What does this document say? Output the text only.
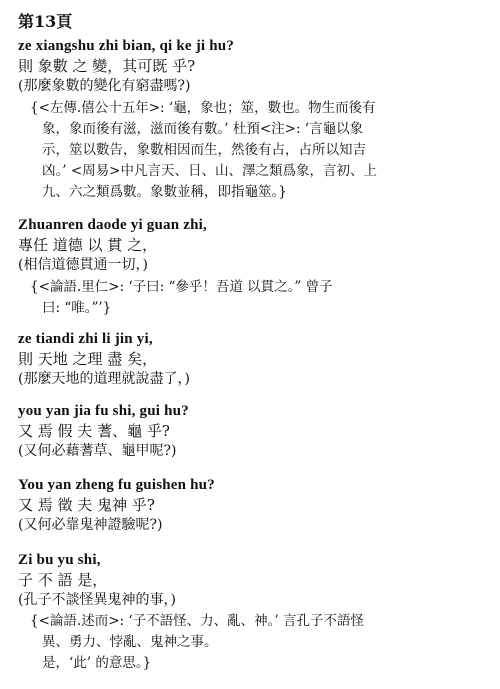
第13頁
ze xiangshu zhi bian, qi ke ji hu?
則 象數 之 變，其可既 乎?
(那麼象數的變化有窮盡嗎?)
{<左傳.僖公十五年>: ‘龜，象也；筮，數也。物生而後有
象，象而後有滋，滋而後有數。’ 杜預<注>: ‘言龜以象
示，筮以數告，象數相因而生，然後有占，占所以知吉
凶。’ <周易>中凡言天、日、山、澤之類爲象，言初、上
九、六之類爲數。象數並稱，即指龜筮。}
Zhuanren daode yi guan zhi,
專任 道德 以 貫 之，
(相信道德貫通一切，)
{<論語.里仁>: ‘子曰: “參乎！吾道 以貫之。” 曾子
曰: “唯。”’}
ze tiandi zhi li jin yi,
則 天地 之理 盡 矣，
(那麼天地的道理就說盡了，)
you yan jia fu shi, gui hu?
又 焉 假 夫 蓍、龜 乎?
(又何必藉蓍草、龜甲呢?)
You yan zheng fu guishen hu?
又 焉 徵 夫 鬼神 乎?
(又何必靠鬼神證驗呢?)
Zi bu yu shi,
子 不 語 是，
(孔子不談怪異鬼神的事，)
{<論語.述而>: ‘子不語怪、力、亂、神。’ 言孔子不語怪
異、勇力、悖亂、鬼神之事。
是，‘此’ 的意思。}
